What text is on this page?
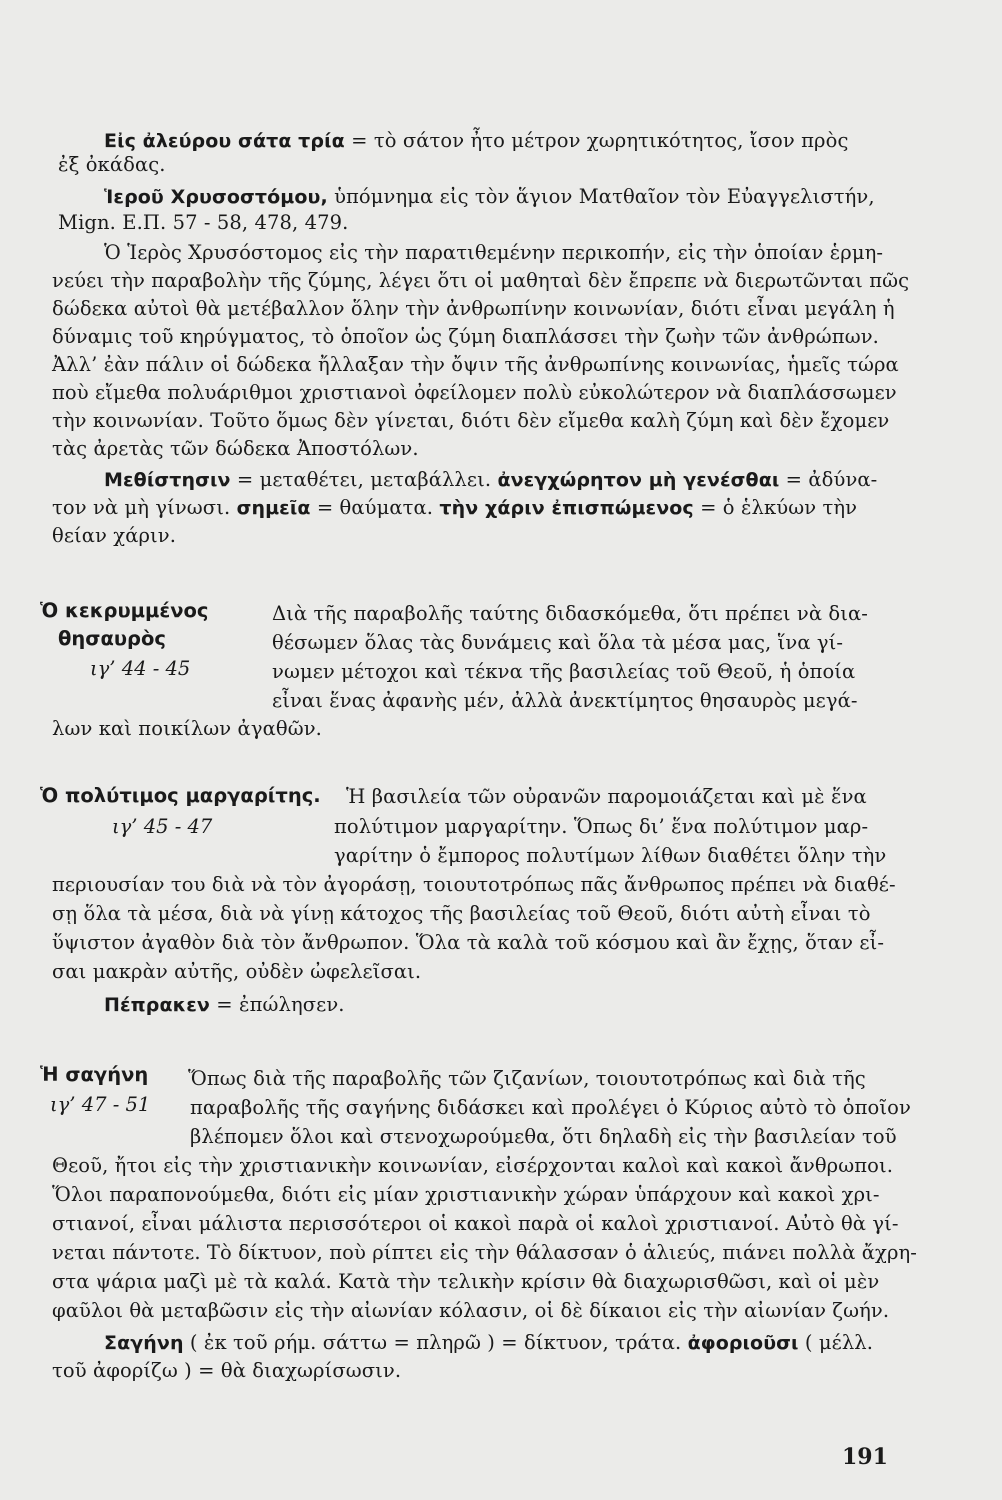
Εἰς ἀλεύρου σάτα τρία = τὸ σάτον ἦτο μέτρον χωρητικότητος, ἴσον πρὸς
ἐξ ὀκάδας.
Ἱεροῦ Χρυσοστόμου, ὑπόμνημα εἰς τὸν ἅγιον Ματθαῖον τὸν Εὐαγγελιστήν,
Mign. Ε.Π. 57 - 58, 478, 479.
Ὁ Ἱερὸς Χρυσόστομος εἰς τὴν παρατιθεμένην περικοπήν, εἰς τὴν ὁποίαν ἑρμη-
νεύει τὴν παραβολὴν τῆς ζύμης, λέγει ὅτι οἱ μαθηταὶ δὲν ἔπρεπε νὰ διερωτῶνται πῶς
δώδεκα αὐτοὶ θὰ μετέβαλλον ὅλην τὴν ἀνθρωπίνην κοινωνίαν, διότι εἶναι μεγάλη ἡ
δύναμις τοῦ κηρύγματος, τὸ ὁποῖον ὡς ζύμη διαπλάσσει τὴν ζωὴν τῶν ἀνθρώπων.
Ἀλλ’ ἐὰν πάλιν οἱ δώδεκα ἤλλαξαν τὴν ὄψιν τῆς ἀνθρωπίνης κοινωνίας, ἡμεῖς τώρα
ποὺ εἴμεθα πολυάριθμοι χριστιανοὶ ὀφείλομεν πολὺ εὐκολώτερον νὰ διαπλάσσωμεν
τὴν κοινωνίαν. Τοῦτο ὅμως δὲν γίνεται, διότι δὲν εἴμεθα καλὴ ζύμη καὶ δὲν ἔχομεν
τὰς ἀρετὰς τῶν δώδεκα Ἀποστόλων.
Μεθίστησιν = μεταθέτει, μεταβάλλει. ἀνεγχώρητον μὴ γενέσθαι = ἀδύνα-
τον νὰ μὴ γίνωσι. σημεῖα = θαύματα. τὴν χάριν ἐπισπώμενος = ὁ ἑλκύων τὴν
θείαν χάριν.
Ὁ κεκρυμμένος
θησαυρὸς
ιγ’ 44 - 45
Διὰ τῆς παραβολῆς ταύτης διδασκόμεθα, ὅτι πρέπει νὰ δια-
θέσωμεν ὅλας τὰς δυνάμεις καὶ ὅλα τὰ μέσα μας, ἵνα γί-
νωμεν μέτοχοι καὶ τέκνα τῆς βασιλείας τοῦ Θεοῦ, ἡ ὁποία
εἶναι ἕνας ἀφανὴς μέν, ἀλλὰ ἀνεκτίμητος θησαυρὸς μεγά-
λων καὶ ποικίλων ἀγαθῶν.
Ὁ πολύτιμος μαργαρίτης.
ιγ’ 45 - 47
Ἡ βασιλεία τῶν οὐρανῶν παρομοιάζεται καὶ μὲ ἕνα
πολύτιμον μαργαρίτην. Ὅπως δι’ ἕνα πολύτιμον μαρ-
γαρίτην ὁ ἔμπορος πολυτίμων λίθων διαθέτει ὅλην τὴν
περιουσίαν του διὰ νὰ τὸν ἀγοράσῃ, τοιουτοτρόπως πᾶς ἄνθρωπος πρέπει νὰ διαθέ-
σῃ ὅλα τὰ μέσα, διὰ νὰ γίνῃ κάτοχος τῆς βασιλείας τοῦ Θεοῦ, διότι αὐτὴ εἶναι τὸ
ὕψιστον ἀγαθὸν διὰ τὸν ἄνθρωπον. Ὅλα τὰ καλὰ τοῦ κόσμου καὶ ἂν ἔχῃς, ὅταν εἶ-
σαι μακρὰν αὐτῆς, οὐδὲν ὠφελεῖσαι.
Πέπρακεν = ἐπώλησεν.
Ἡ σαγήνη
ιγ’ 47 - 51
Ὅπως διὰ τῆς παραβολῆς τῶν ζιζανίων, τοιουτοτρόπως καὶ διὰ τῆς
παραβολῆς τῆς σαγήνης διδάσκει καὶ προλέγει ὁ Κύριος αὐτὸ τὸ ὁποῖον
βλέπομεν ὅλοι καὶ στενοχωρούμεθα, ὅτι δηλαδὴ εἰς τὴν βασιλείαν τοῦ
Θεοῦ, ἤτοι εἰς τὴν χριστιανικὴν κοινωνίαν, εἰσέρχονται καλοὶ καὶ κακοὶ ἄνθρωποι.
Ὅλοι παραπονούμεθα, διότι εἰς μίαν χριστιανικὴν χώραν ὑπάρχουν καὶ κακοὶ χρι-
στιανοί, εἶναι μάλιστα περισσότεροι οἱ κακοὶ παρὰ οἱ καλοὶ χριστιανοί. Αὐτὸ θὰ γί-
νεται πάντοτε. Τὸ δίκτυον, ποὺ ρίπτει εἰς τὴν θάλασσαν ὁ ἁλιεύς, πιάνει πολλὰ ἄχρη-
στα ψάρια μαζὶ μὲ τὰ καλά. Κατὰ τὴν τελικὴν κρίσιν θὰ διαχωρισθῶσι, καὶ οἱ μὲν
φαῦλοι θὰ μεταβῶσιν εἰς τὴν αἰωνίαν κόλασιν, οἱ δὲ δίκαιοι εἰς τὴν αἰωνίαν ζωήν.
Σαγήνη ( ἐκ τοῦ ρήμ. σάττω = πληρῶ ) = δίκτυον, τράτα. ἀφοριοῦσι ( μέλλ.
τοῦ ἀφορίζω ) = θὰ διαχωρίσωσιν.
191
